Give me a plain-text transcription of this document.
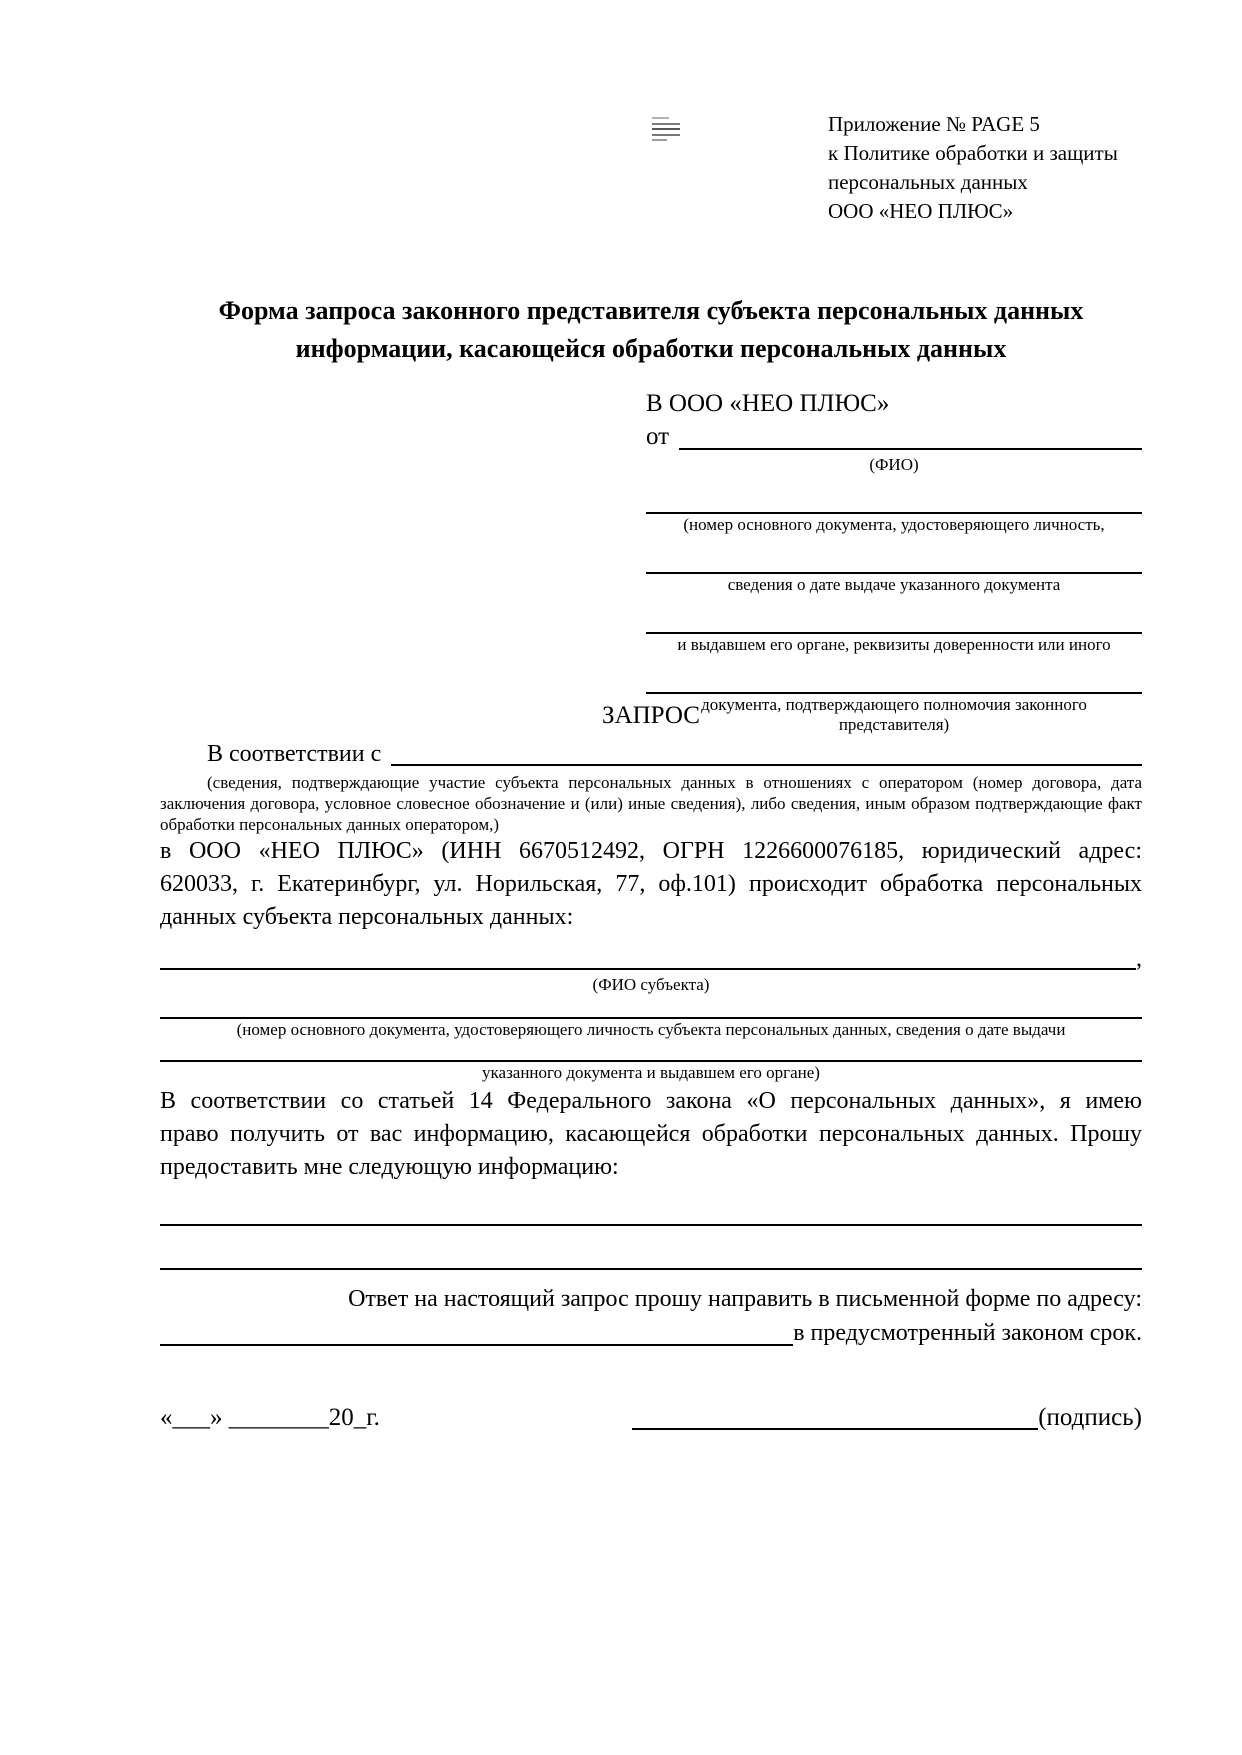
Приложение № PAGE 5
к Политике обработки и защиты
персональных данных
ООО «НЕО ПЛЮС»
Форма запроса законного представителя субъекта персональных данных
информации, касающейся обработки персональных данных
В ООО «НЕО ПЛЮС»
от
(ФИО)
(номер основного документа, удостоверяющего личность,
сведения о дате выдаче указанного документа
и выдавшем его органе, реквизиты доверенности или иного
документа, подтверждающего полномочия законного представителя)
ЗАПРОС
В соответствии с
(сведения, подтверждающие участие субъекта персональных данных в отношениях с оператором (номер договора, дата
заключения договора, условное словесное обозначение и (или) иные сведения), либо сведения, иным образом подтверждающие факт
обработки персональных данных оператором,)
в ООО «НЕО ПЛЮС» (ИНН 6670512492, ОГРН 1226600076185, юридический адрес:
620033, г. Екатеринбург, ул. Норильская, 77, оф.101) происходит обработка персональных
данных субъекта персональных данных:
,
(ФИО субъекта)
(номер основного документа, удостоверяющего личность субъекта персональных данных, сведения о дате выдачи
указанного документа и выдавшем его органе)
В соответствии со статьей 14 Федерального закона «О персональных данных», я имею
право получить от вас информацию, касающейся обработки персональных данных. Прошу
предоставить мне следующую информацию:
Ответ на настоящий запрос прошу направить в письменной форме по адресу:
в предусмотренный законом срок.
«___» ________20_г.	(подпись)
